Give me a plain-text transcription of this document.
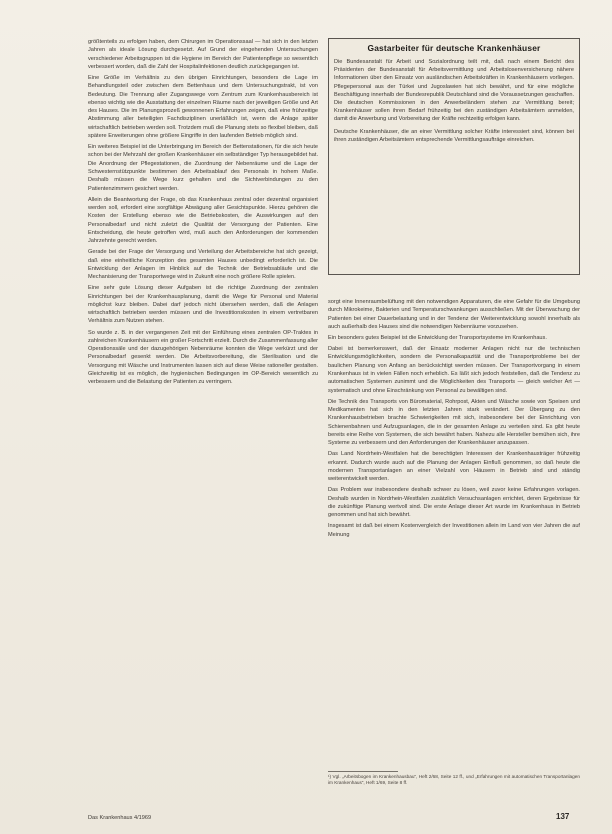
größtenteils zu erfolgen haben, dem Chirurgen im Operationssaal — hat sich in den letzten Jahren als ideale Lösung durchgesetzt. Auf Grund der eingehenden Untersuchungen verschiedener Arbeitsgruppen ist die Hygiene im Bereich der Patientenpflege so wesentlich verbessert worden, daß die Zahl der Hospitalinfektionen deutlich zurückgegangen ist.

Eine Größe im Verhältnis zu den übrigen Einrichtungen, besonders die Lage im Behandlungsteil oder zwischen dem Bettenhaus und dem Untersuchungstrakt, ist von Bedeutung. Die Trennung aller Zugangswege vom Zentrum zum Krankenhausbereich ist ebenso wichtig wie die Ausstattung der einzelnen Räume nach der jeweiligen Größe und Art des Hauses. Die im Planungsprozeß gewonnenen Erfahrungen zeigen, daß eine frühzeitige Abstimmung aller beteiligten Fachdisziplinen unerläßlich ist, wenn die Anlage später wirtschaftlich betrieben werden soll. Trotzdem muß die Planung stets so flexibel bleiben, daß spätere Erweiterungen ohne größere Eingriffe in den laufenden Betrieb möglich sind.

Ein weiteres Beispiel ist die Unterbringung im Bereich der Bettenstationen, für die sich heute schon bei der Mehrzahl der großen Krankenhäuser ein selbständiger Typ herausgebildet hat. Die Anordnung der Pflegestationen, die Zuordnung der Nebenräume und die Lage der Schwesternstützpunkte bestimmen den Arbeitsablauf des Personals in hohem Maße. Deshalb müssen die Wege kurz gehalten und die Sichtverbindungen zu den Patientenzimmern gesichert werden.

Allein die Beantwortung der Frage, ob das Krankenhaus zentral oder dezentral organisiert werden soll, erfordert eine sorgfältige Abwägung aller Gesichtspunkte. Hierzu gehören die Kosten der Erstellung ebenso wie die Betriebskosten, die Auswirkungen auf den Personalbedarf und nicht zuletzt die Qualität der Versorgung der Patienten. Eine Entscheidung, die heute getroffen wird, muß auch den Anforderungen der kommenden Jahrzehnte gerecht werden.

Gerade bei der Frage der Versorgung und Verteilung der Arbeitsbereiche hat sich gezeigt, daß eine einheitliche Konzeption des gesamten Hauses unbedingt erforderlich ist. Die Entwicklung der Anlagen im Hinblick auf die Technik der Betriebsabläufe und die Mechanisierung der Transportwege wird in Zukunft eine noch größere Rolle spielen.

Eine sehr gute Lösung dieser Aufgaben ist die richtige Zuordnung der zentralen Einrichtungen bei der Krankenhausplanung, damit die Wege für Personal und Material möglichst kurz bleiben. Dabei darf jedoch nicht übersehen werden, daß die Anlagen wirtschaftlich betrieben werden müssen und die Investitionskosten in einem vertretbaren Verhältnis zum Nutzen stehen.

So wurde z. B. in der vergangenen Zeit mit der Einführung eines zentralen OP-Traktes in zahlreichen Krankenhäusern ein großer Fortschritt erzielt. Durch die Zusammenfassung aller Operationssäle und der dazugehörigen Nebenräume konnten die Wege verkürzt und der Personalbedarf gesenkt werden. Die Arbeitsvorbereitung, die Sterilisation und die Versorgung mit Wäsche und Instrumenten lassen sich auf diese Weise rationeller gestalten. Gleichzeitig ist es möglich, die hygienischen Bedingungen im OP-Bereich wesentlich zu verbessern und die Belastung der Patienten zu verringern.

Gastarbeiter für deutsche Krankenhäuser

Die Bundesanstalt für Arbeit und Sozialordnung teilt mit, daß nach einem Bericht des Präsidenten der Bundesanstalt für Arbeitsvermittlung und Arbeitslosenversicherung nähere Informationen über den Einsatz von ausländischen Arbeitskräften in Krankenhäusern vorliegen. Pflegepersonal aus der Türkei und Jugoslawien hat sich bewährt, und für eine mögliche Beschäftigung innerhalb der Bundesrepublik Deutschland sind die Voraussetzungen geschaffen. Die deutschen Kommissionen in den Anwerbeländern stehen zur Vermittlung bereit; Krankenhäuser sollen ihren Bedarf frühzeitig bei den zuständigen Arbeitsämtern anmelden, damit die Anwerbung und Vorbereitung der Kräfte rechtzeitig erfolgen kann.

Deutsche Krankenhäuser, die an einer Vermittlung solcher Kräfte interessiert sind, können bei ihren zuständigen Arbeitsämtern entsprechende Vermittlungsaufträge einreichen.

sorgt eine Innenraumbelüftung mit den notwendigen Apparaturen, die eine Gefahr für die Umgebung durch Mikrokeime, Bakterien und Temperaturschwankungen ausschließen. Mit der Überwachung der Patienten bei einer Dauerbelastung und in der Tendenz der Weiterentwicklung sowohl innerhalb als auch außerhalb des Hauses sind die notwendigen Nebenräume vorzusehen.

Ein besonders gutes Beispiel ist die Entwicklung der Transportsysteme im Krankenhaus.

Dabei ist bemerkenswert, daß der Einsatz moderner Anlagen nicht nur die technischen Entwicklungsmöglichkeiten, sondern die Personalkapazität und die Transportprobleme bei der baulichen Planung von Anfang an berücksichtigt werden müssen. Der Transportvorgang in einem Krankenhaus ist in vielen Fällen noch erheblich. Es läßt sich jedoch feststellen, daß die Tendenz zu automatischen Systemen zunimmt und die Möglichkeiten des Transports — gleich welcher Art — systematisch und ohne Einschränkung von Personal zu bewältigen sind.

Die Technik des Transports von Büromaterial, Rohrpost, Akten und Wäsche sowie von Speisen und Medikamenten hat sich in den letzten Jahren stark verändert. Der Übergang zu den Krankenhausbetrieben brachte Schwierigkeiten mit sich, insbesondere bei der Einrichtung von Schienenbahnen und Aufzugsanlagen, die in der gesamten Anlage zu verteilen sind. Es gibt heute bereits eine Reihe von Systemen, die sich bewährt haben. Nahezu alle Hersteller bemühen sich, ihre Systeme zu verbessern und den Anforderungen der Krankenhäuser anzupassen.

Das Land Nordrhein-Westfalen hat die berechtigten Interessen der Krankenhausträger frühzeitig erkannt. Dadurch wurde auch auf die Planung der Anlagen Einfluß genommen, so daß heute die modernen Transportanlagen an einer Vielzahl von Häusern in Betrieb sind und ständig weiterentwickelt werden.

Das Problem war insbesondere deshalb schwer zu lösen, weil zuvor keine Erfahrungen vorlagen. Deshalb wurden in Nordrhein-Westfalen zusätzlich Versuchsanlagen errichtet, deren Ergebnisse für die zukünftige Planung wertvoll sind. Die erste Anlage dieser Art wurde im Krankenhaus in Betrieb genommen und hat sich bewährt.

Insgesamt ist daß bei einem Kostenvergleich der Investitionen allein im Land von vier Jahren die auf Meinung

¹) Vgl. „Arbeitsbogen im Krankenhausbau“, Heft 2/68, Seite 12 ff., und „Erfahrungen mit automatischen Transportanlagen im Krankenhaus“, Heft 1/69, Seite 8 ff.
Das Krankenhaus 4/1969	137
